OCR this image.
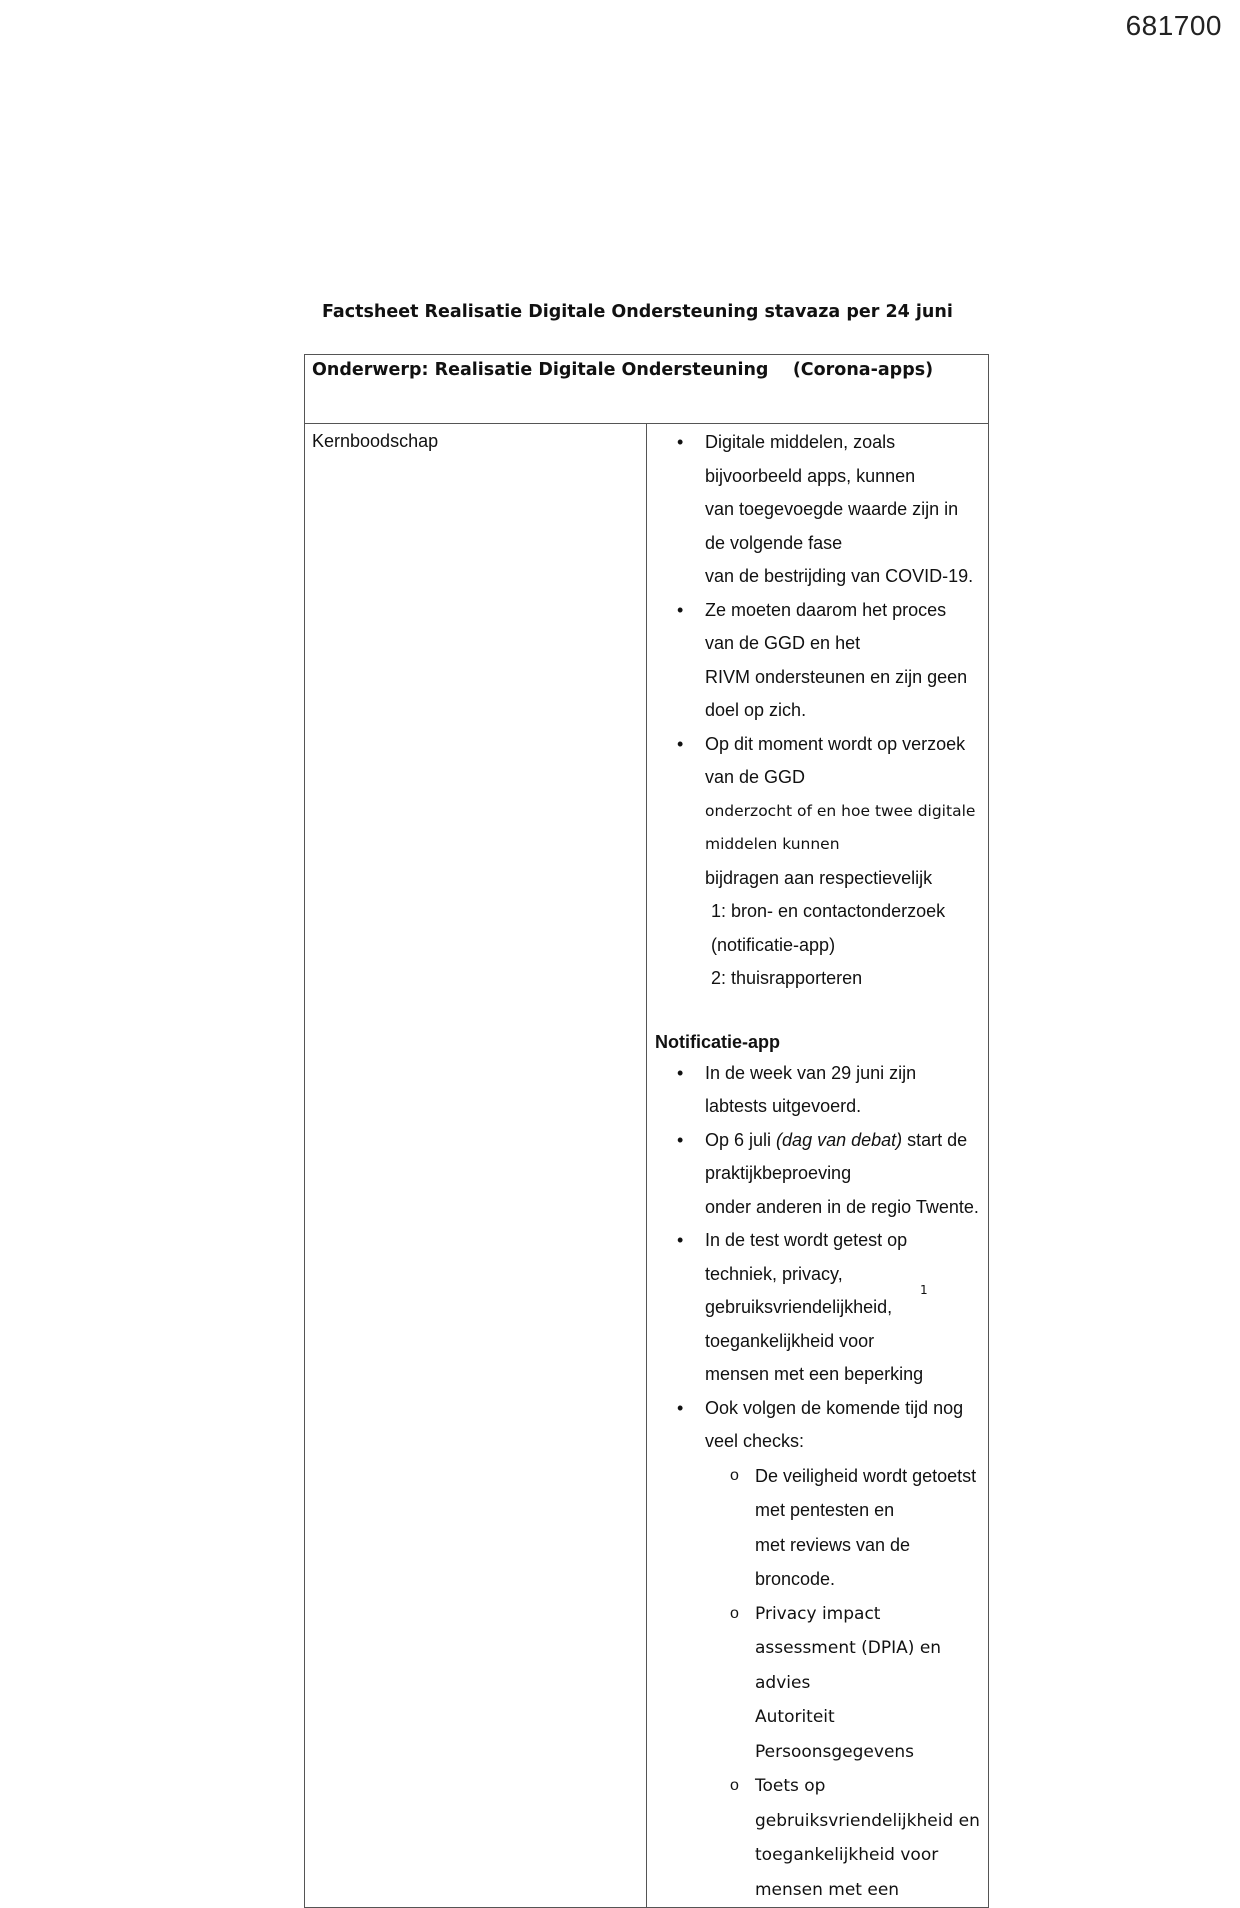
681700
Factsheet Realisatie Digitale Ondersteuning stavaza per 24 juni
Onderwerp: Realisatie Digitale Ondersteuning    (Corona-apps)

Kernboodschap

•Digitale middelen, zoals bijvoorbeeld apps, kunnen
van toegevoegde waarde zijn in de volgende fase
van de bestrijding van COVID-19.
• Ze moeten daarom het proces van de GGD en het
RIVM ondersteunen en zijn geen doel op zich.
• Op dit moment wordt op verzoek van de GGD
onderzocht of en hoe twee digitale middelen kunnen
bijdragen aan respectievelijk
1: bron- en contactonderzoek (notificatie-app)
2: thuisrapporteren
Notificatie-app
• In de week van 29 juni zijn labtests uitgevoerd.
• Op 6 juli (dag van debat) start de praktijkbeproeving
onder anderen in de regio Twente.
• In de test wordt getest op techniek, privacy,
gebruiksvriendelijkheid, toegankelijkheid voor
mensen met een beperking
• Ook volgen de komende tijd nog veel checks:
o De veiligheid wordt getoetst met pentesten en
met reviews van de broncode.
o Privacy impact assessment (DPIA) en advies
Autoriteit Persoonsgegevens
o Toets op gebruiksvriendelijkheid en
toegankelijkheid voor mensen met een
1
